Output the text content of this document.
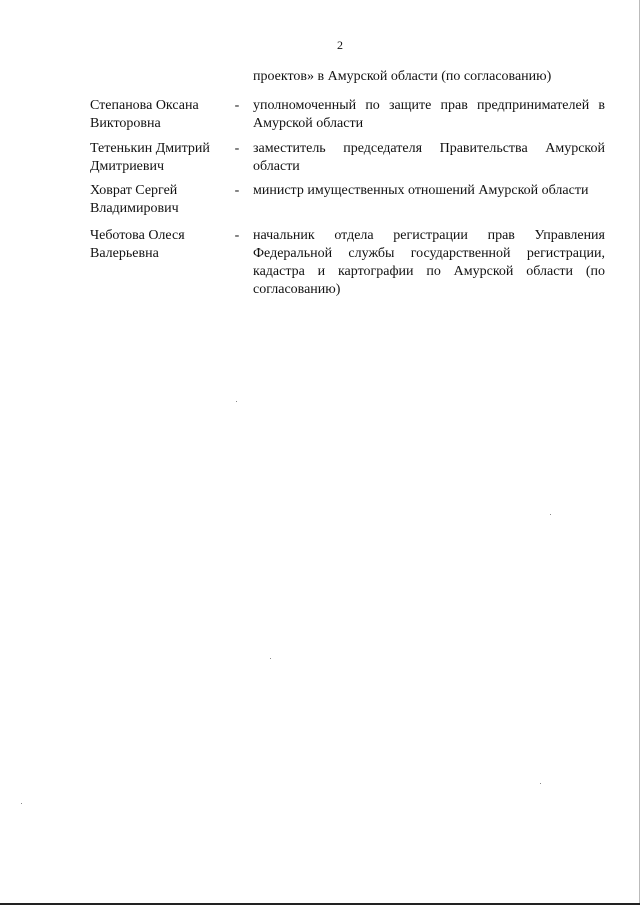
2
проектов» в Амурской области (по согласованию)
Степанова Оксана Викторовна
- уполномоченный по защите прав предпринимателей в Амурской области
Тетенькин Дмитрий Дмитриевич
- заместитель председателя Правительства Амурской области
Ховрат Сергей Владимирович
- министр имущественных отношений Амурской области
Чеботова Олеся Валерьевна
- начальник отдела регистрации прав Управления Федеральной службы государственной регистрации, кадастра и картографии по Амурской области (по согласованию)
